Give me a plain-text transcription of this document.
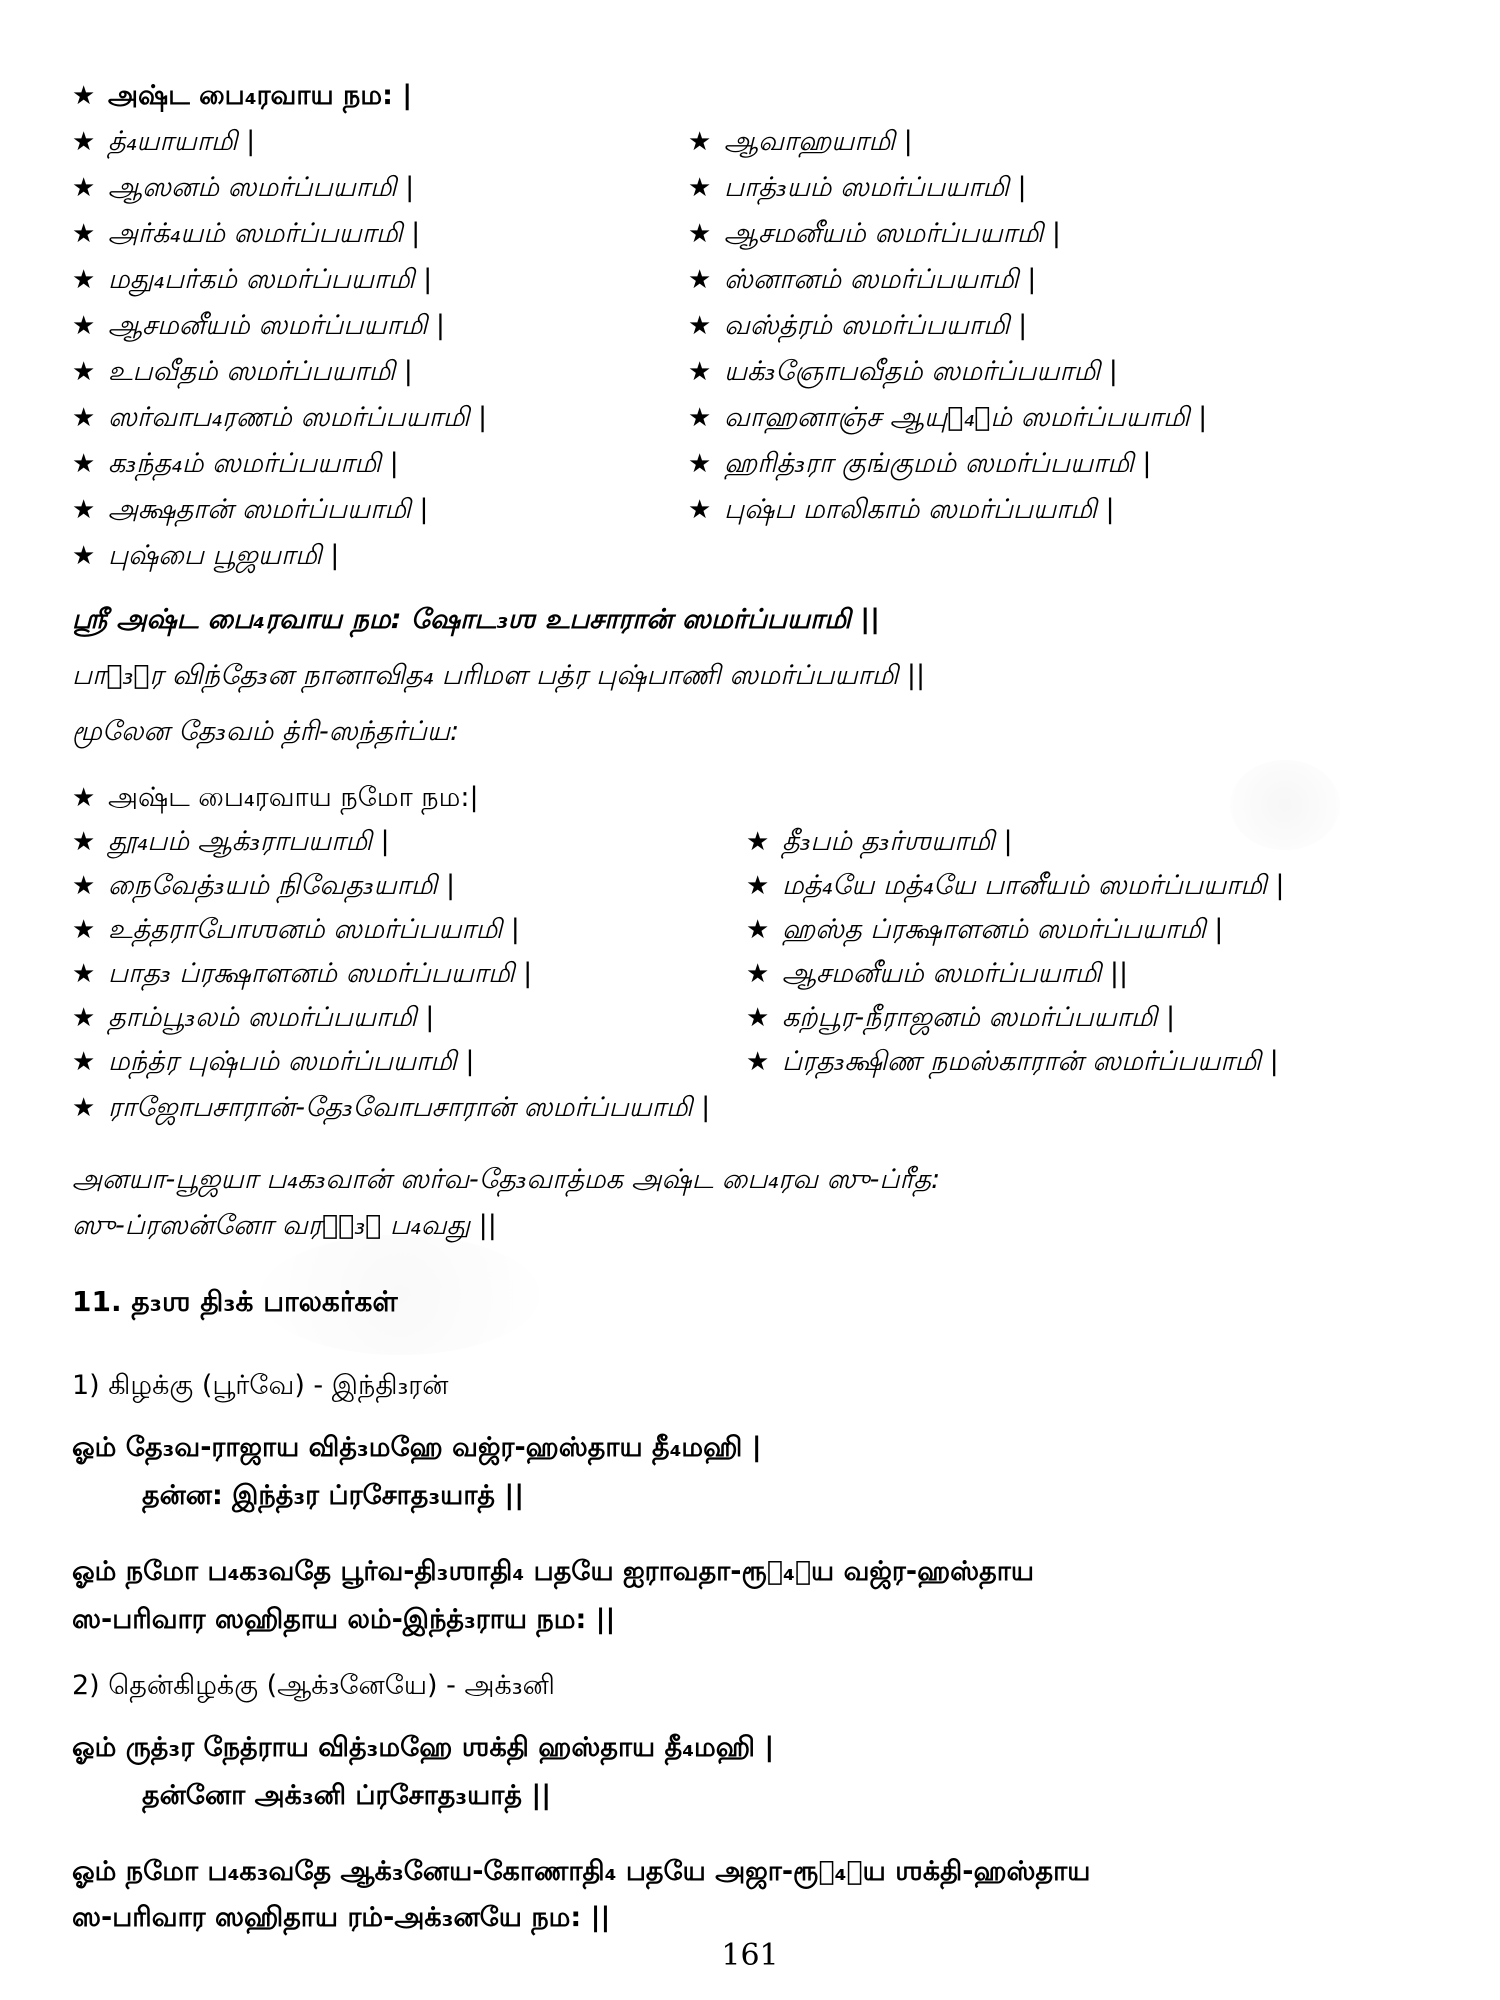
★ அஷ்ட பை₄ரவாய நம: |
★ த்₄யாயாமி |
★ ஆஸனம் ஸமர்ப்பயாமி |
★ அர்க்₄யம் ஸமர்ப்பயாமி |
★ மது₄பர்கம் ஸமர்ப்பயாமி |
★ ஆசமனீயம் ஸமர்ப்பயாமி |
★ உபவீதம் ஸமர்ப்பயாமி |
★ ஸர்வாப₄ரணம் ஸமர்ப்பயாமி |
★ க₃ந்த₄ம் ஸமர்ப்பயாமி |
★ அக்ஷதான் ஸமர்ப்பயாமி |
★ புஷ்பை பூஜயாமி |
★ ஆவாஹயாமி |
★ பாத்₃யம் ஸமர்ப்பயாமி |
★ ஆசமனீயம் ஸமர்ப்பயாமி |
★ ஸ்னானம் ஸமர்ப்பயாமி |
★ வஸ்த்ரம் ஸமர்ப்பயாமி |
★ யக்₃ஞோபவீதம் ஸமர்ப்பயாமி |
★ வாஹனாஞ்ச ஆயுத₄ாம் ஸமர்ப்பயாமி |
★ ஹரித்₃ரா குங்குமம் ஸமர்ப்பயாமி |
★ புஷ்ப மாலிகாம் ஸமர்ப்பயாமி |
ஸ்ரீ அஷ்ட பை₄ரவாய நம: ஷோட₃ஶ உபசாரான் ஸமர்ப்பயாமி ||
பாத₃ார விந்தே₃ன நானாவித₄ பரிமள பத்ர புஷ்பாணி ஸமர்ப்பயாமி ||
மூலேன தே₃வம் த்ரி-ஸந்தர்ப்ய:
★ அஷ்ட பை₄ரவாய நமோ நம:|
★ தூ₄பம் ஆக்₃ராபயாமி |
★ நைவேத்₃யம் நிவேத₃யாமி |
★ உத்தராபோஶனம் ஸமர்ப்பயாமி |
★ பாத₃ ப்ரக்ஷாளனம் ஸமர்ப்பயாமி |
★ தாம்பூ₃லம் ஸமர்ப்பயாமி |
★ மந்த்ர புஷ்பம் ஸமர்ப்பயாமி |
★ தீ₃பம் த₃ர்ஶயாமி |
★ மத்₄யே மத்₄யே பானீயம் ஸமர்ப்பயாமி |
★ ஹஸ்த ப்ரக்ஷாளனம் ஸமர்ப்பயாமி |
★ ஆசமனீயம் ஸமர்ப்பயாமி ||
★ கற்பூர-நீராஜனம் ஸமர்ப்பயாமி |
★ ப்ரத₃க்ஷிண நமஸ்காரான் ஸமர்ப்பயாமி |
★ ராஜோபசாரான்-தே₃வோபசாரான் ஸமர்ப்பயாமி |
அனயா-பூஜயா ப₄க₃வான் ஸர்வ-தே₃வாத்மக அஷ்ட பை₄ரவ ஸு-ப்ரீத:
ஸு-ப்ரஸன்னோ வரதே₃ா ப₄வது ||
11. த₃ஶ தி₃க் பாலகர்கள்
1) கிழக்கு (பூர்வே) - இந்தி₃ரன்
ஓம் தே₃வ-ராஜாய வித்₃மஹே வஜ்ர-ஹஸ்தாய தீ₄மஹி |
தன்ன: இந்த்₃ர ப்ரசோத₃யாத் ||
ஓம் நமோ ப₄க₃வதே பூர்வ-தி₃ஶாதி₄ பதயே ஐராவதா-ரூட₄ாய வஜ்ர-ஹஸ்தாய
ஸ-பரிவார ஸஹிதாய லம்-இந்த்₃ராய நம: ||
2) தென்கிழக்கு (ஆக்₃னேயே) - அக்₃னி
ஓம் ருத்₃ர நேத்ராய வித்₃மஹே ஶக்தி ஹஸ்தாய தீ₄மஹி |
தன்னோ அக்₃னி ப்ரசோத₃யாத் ||
ஓம் நமோ ப₄க₃வதே ஆக்₃னேய-கோணாதி₄ பதயே அஜா-ரூட₄ாய ஶக்தி-ஹஸ்தாய
ஸ-பரிவார ஸஹிதாய ரம்-அக்₃னயே நம: ||
161
